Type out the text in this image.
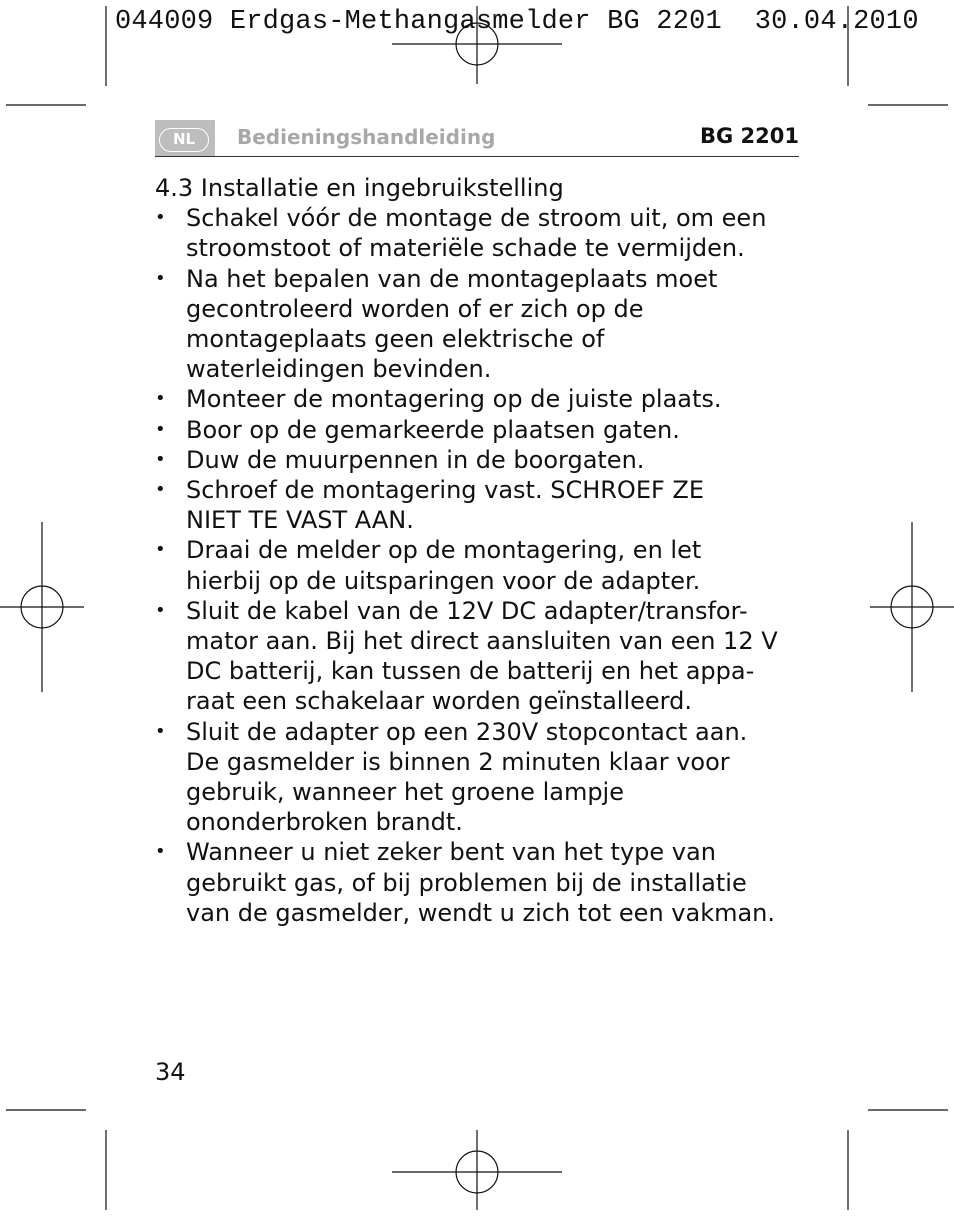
044009 Erdgas-Methangasmelder BG 2201  30.04.2010
NL	Bedieningshandleiding	BG 2201
4.3 Installatie en ingebruikstelling
• Schakel vóór de montage de stroom uit, om een
stroomstoot of materiële schade te vermijden.
• Na het bepalen van de montageplaats moet
gecontroleerd worden of er zich op de
montageplaats geen elektrische of
waterleidingen bevinden.
• Monteer de montagering op de juiste plaats.
• Boor op de gemarkeerde plaatsen gaten.
• Duw de muurpennen in de boorgaten.
• Schroef de montagering vast. SCHROEF ZE
NIET TE VAST AAN.
• Draai de melder op de montagering, en let
hierbij op de uitsparingen voor de adapter.
• Sluit de kabel van de 12V DC adapter/transfor-
mator aan. Bij het direct aansluiten van een 12 V
DC batterij, kan tussen de batterij en het appa-
raat een schakelaar worden geïnstalleerd.
• Sluit de adapter op een 230V stopcontact aan.
De gasmelder is binnen 2 minuten klaar voor
gebruik, wanneer het groene lampje
ononderbroken brandt.
• Wanneer u niet zeker bent van het type van
gebruikt gas, of bij problemen bij de installatie
van de gasmelder, wendt u zich tot een vakman.
34
